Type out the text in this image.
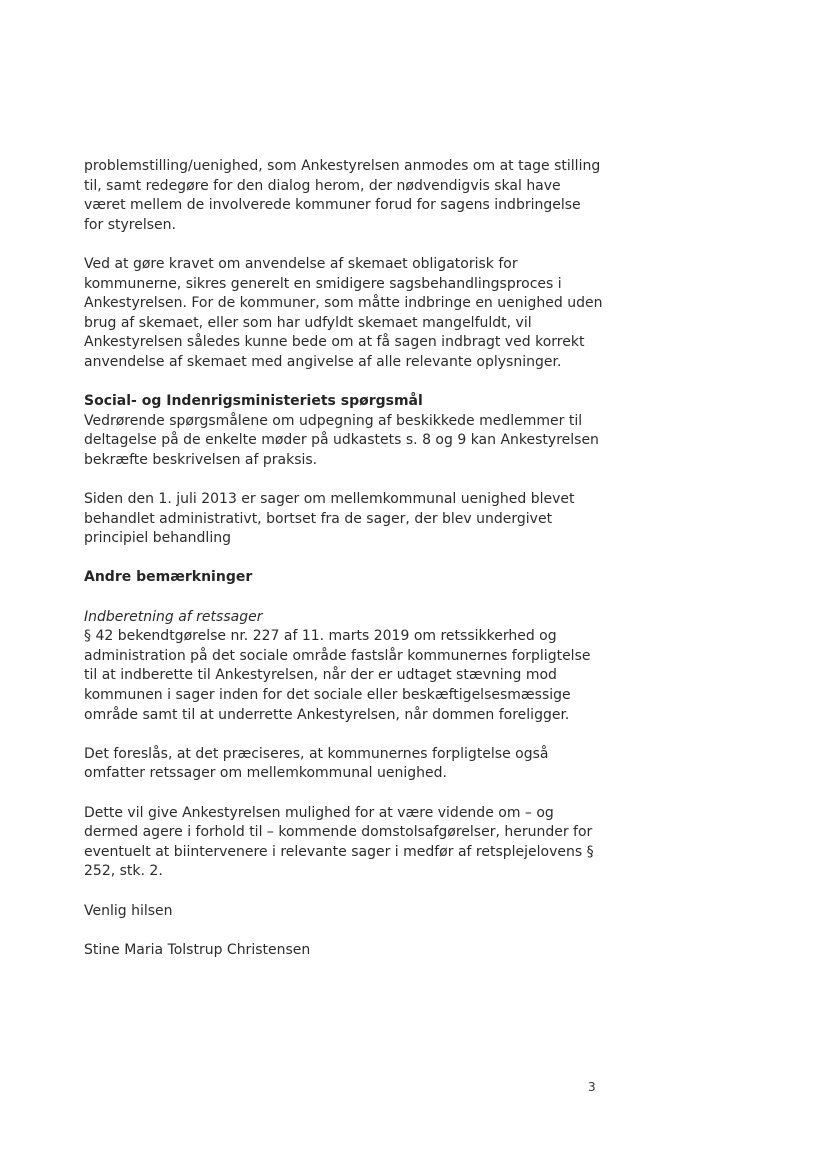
problemstilling/uenighed, som Ankestyrelsen anmodes om at tage stilling til, samt redegøre for den dialog herom, der nødvendigvis skal have været mellem de involverede kommuner forud for sagens indbringelse for styrelsen.

Ved at gøre kravet om anvendelse af skemaet obligatorisk for kommunerne, sikres generelt en smidigere sagsbehandlingsproces i Ankestyrelsen. For de kommuner, som måtte indbringe en uenighed uden brug af skemaet, eller som har udfyldt skemaet mangelfuldt, vil Ankestyrelsen således kunne bede om at få sagen indbragt ved korrekt anvendelse af skemaet med angivelse af alle relevante oplysninger.

Social- og Indenrigsministeriets spørgsmål

Vedrørende spørgsmålene om udpegning af beskikkede medlemmer til deltagelse på de enkelte møder på udkastets s. 8 og 9 kan Ankestyrelsen bekræfte beskrivelsen af praksis.

Siden den 1. juli 2013 er sager om mellemkommunal uenighed blevet behandlet administrativt, bortset fra de sager, der blev undergivet principiel behandling

Andre bemærkninger

Indberetning af retssager

§ 42 bekendtgørelse nr. 227 af 11. marts 2019 om retssikkerhed og administration på det sociale område fastslår kommunernes forpligtelse til at indberette til Ankestyrelsen, når der er udtaget stævning mod kommunen i sager inden for det sociale eller beskæftigelsesmæssige område samt til at underrette Ankestyrelsen, når dommen foreligger.

Det foreslås, at det præciseres, at kommunernes forpligtelse også omfatter retssager om mellemkommunal uenighed.

Dette vil give Ankestyrelsen mulighed for at være vidende om – og dermed agere i forhold til – kommende domstolsafgørelser, herunder for eventuelt at biintervenere i relevante sager i medfør af retsplejelovens § 252, stk. 2.

Venlig hilsen

Stine Maria Tolstrup Christensen

3
